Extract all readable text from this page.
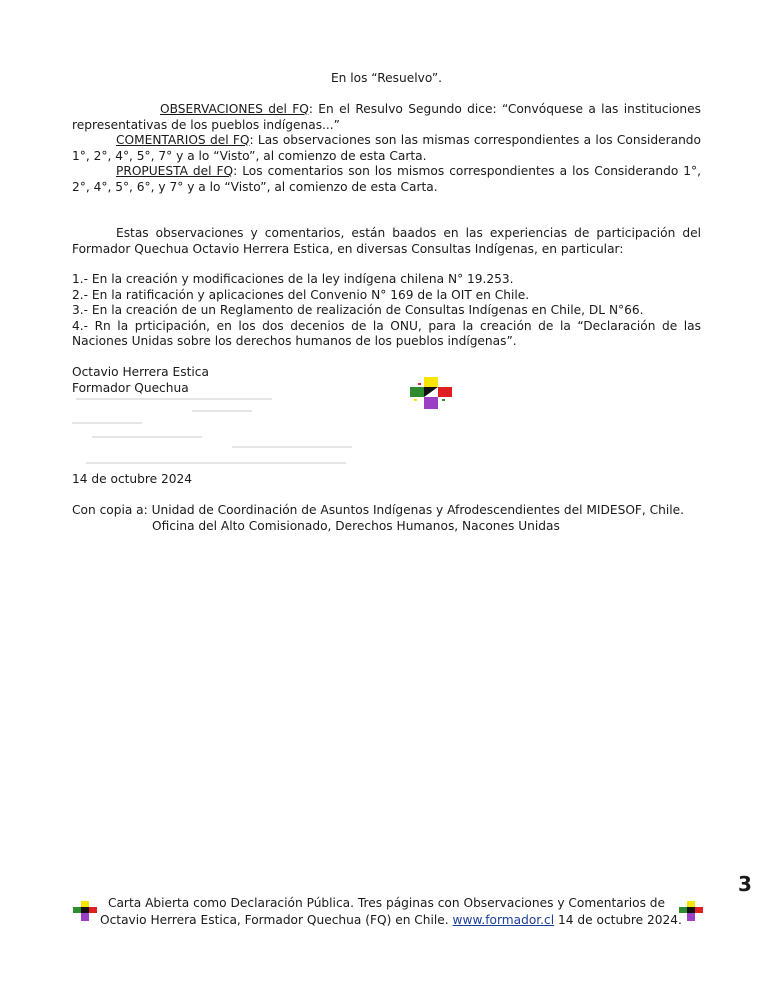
En los “Resuelvo”.
OBSERVACIONES del FQ: En el Resulvo Segundo dice: “Convóquese a las instituciones representativas de los pueblos indígenas...”
COMENTARIOS del FQ: Las observaciones son las mismas correspondientes a los Considerando 1°, 2°, 4°, 5°, 7° y a lo “Visto”, al comienzo de esta Carta.
PROPUESTA del FQ: Los comentarios son los mismos correspondientes a los Considerando 1°, 2°, 4°, 5°, 6°, y 7° y a lo “Visto”, al comienzo de esta Carta.
Estas observaciones y comentarios, están baados en las experiencias de participación del Formador Quechua Octavio Herrera Estica, en diversas Consultas Indígenas, en particular:
1.- En la creación y modificaciones de la ley indígena chilena N° 19.253.
2.- En la ratificación y aplicaciones del Convenio N° 169 de la OIT en Chile.
3.- En la creación de un Reglamento de realización de Consultas Indígenas en Chile, DL N°66.
4.- Rn la prticipación, en los dos decenios de la ONU, para la creación de la “Declaración de las Naciones Unidas sobre los derechos humanos de los pueblos indígenas”.
Octavio Herrera Estica
Formador Quechua
14 de octubre 2024
Con copia a: Unidad de Coordinación de Asuntos Indígenas y Afrodescendientes del MIDESOF, Chile.
Oficina del Alto Comisionado, Derechos Humanos, Nacones Unidas
3
Carta Abierta como Declaración Pública. Tres páginas con Observaciones y Comentarios de
Octavio Herrera Estica, Formador Quechua (FQ) en Chile. www.formador.cl 14 de octubre 2024.
